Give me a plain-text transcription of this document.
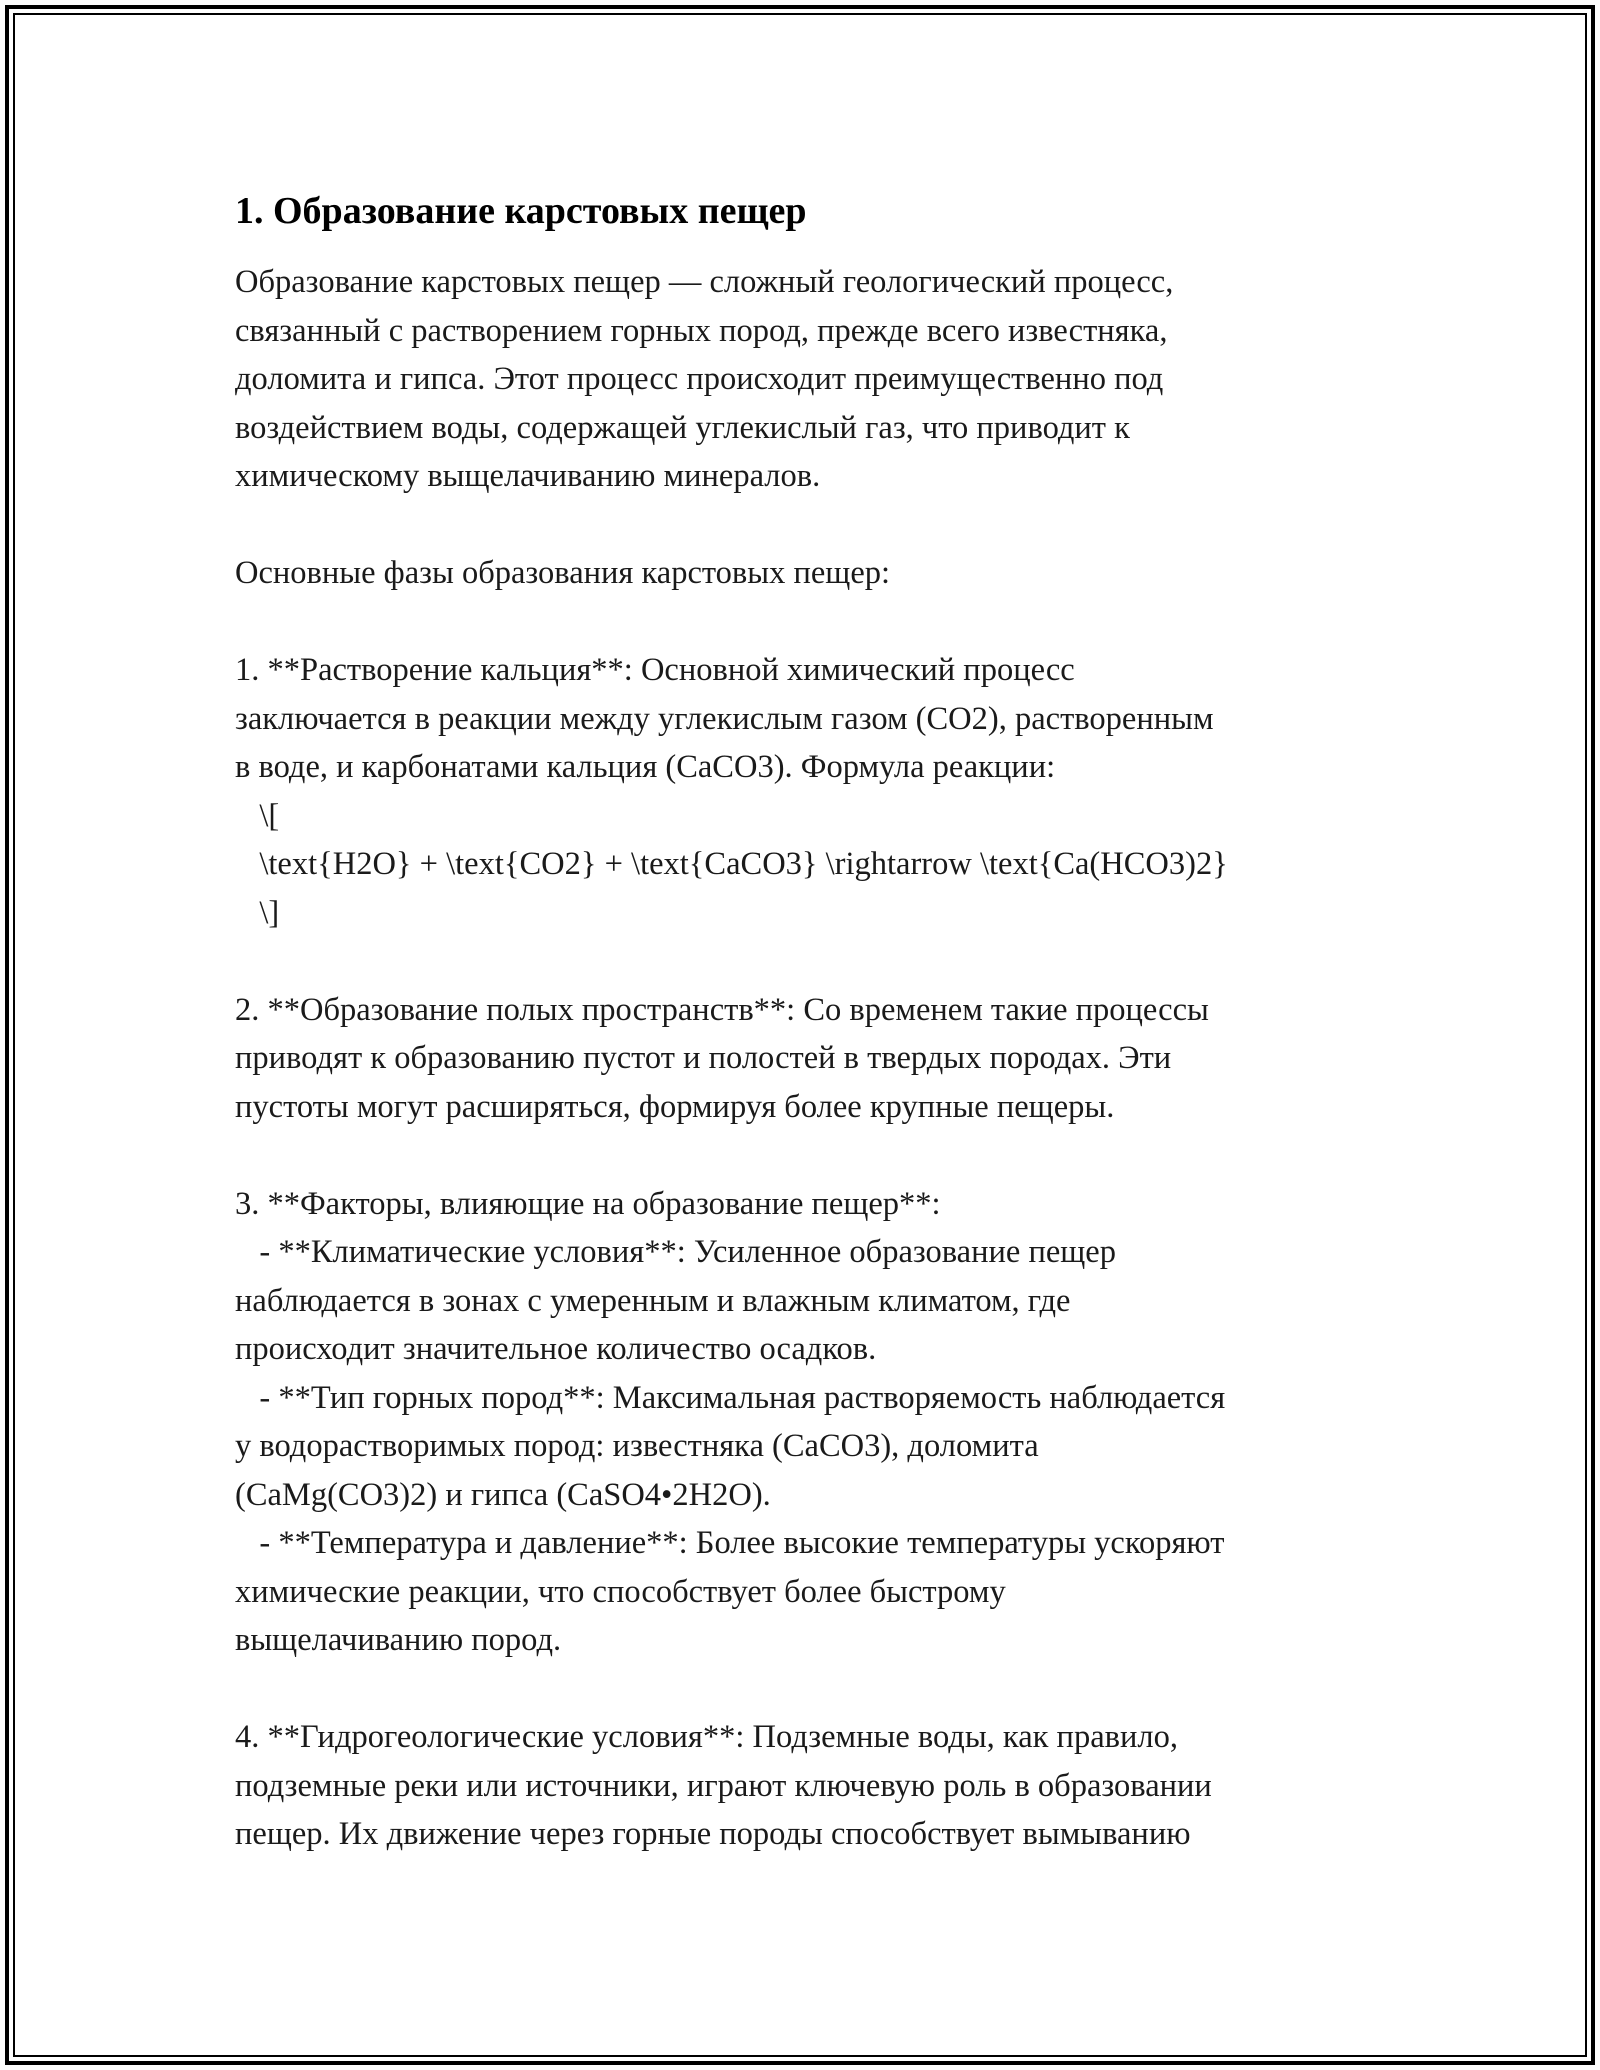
1. Образование карстовых пещер
Образование карстовых пещер — сложный геологический процесс,
связанный с растворением горных пород, прежде всего известняка,
доломита и гипса. Этот процесс происходит преимущественно под
воздействием воды, содержащей углекислый газ, что приводит к
химическому выщелачиванию минералов.
Основные фазы образования карстовых пещер:
1. **Растворение кальция**: Основной химический процесс
заключается в реакции между углекислым газом (CO2), растворенным
в воде, и карбонатами кальция (CaCO3). Формула реакции:
\[
\text{H2O} + \text{CO2} + \text{CaCO3} \rightarrow \text{Ca(HCO3)2}
\]
2. **Образование полых пространств**: Со временем такие процессы
приводят к образованию пустот и полостей в твердых породах. Эти
пустоты могут расширяться, формируя более крупные пещеры.
3. **Факторы, влияющие на образование пещер**:
- **Климатические условия**: Усиленное образование пещер
наблюдается в зонах с умеренным и влажным климатом, где
происходит значительное количество осадков.
- **Тип горных пород**: Максимальная растворяемость наблюдается
у водорастворимых пород: известняка (CaCO3), доломита
(CaMg(CO3)2) и гипса (CaSO4•2H2O).
- **Температура и давление**: Более высокие температуры ускоряют
химические реакции, что способствует более быстрому
выщелачиванию пород.
4. **Гидрогеологические условия**: Подземные воды, как правило,
подземные реки или источники, играют ключевую роль в образовании
пещер. Их движение через горные породы способствует вымыванию
